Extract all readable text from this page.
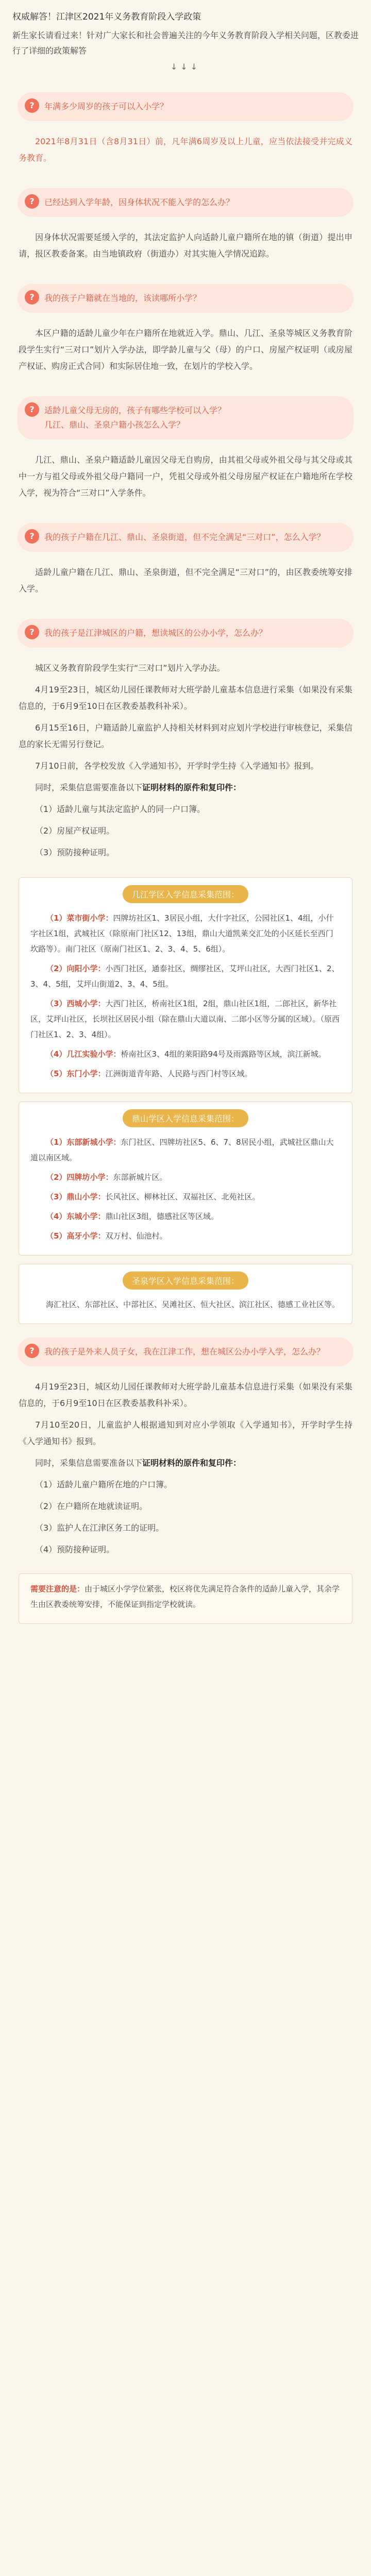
权威解答！江津区2021年义务教育阶段入学政策
新生家长请看过来！针对广大家长和社会普遍关注的今年义务教育阶段入学相关问题，区教委进行了详细的政策解答
↓↓↓
?	年满多少周岁的孩子可以入小学？

2021年8月31日（含8月31日）前，凡年满6周岁及以上儿童，应当依法接受并完成义务教育。

?	已经达到入学年龄，因身体状况不能入学的怎么办？

因身体状况需要延缓入学的，其法定监护人向适龄儿童户籍所在地的镇（街道）提出申请，报区教委备案。由当地镇政府（街道办）对其实施入学情况追踪。

?	我的孩子户籍就在当地的，该读哪所小学？

本区户籍的适龄儿童少年在户籍所在地就近入学。鼎山、几江、圣泉等城区义务教育阶段学生实行“三对口”划片入学办法，即学龄儿童与父（母）的户口、房屋产权证明（或房屋产权证、购房正式合同）和实际居住地一致，在划片的学校入学。

?	适龄儿童父母无房的，孩子有哪些学校可以入学？
几江、鼎山、圣泉户籍小孩怎么入学？

几江、鼎山、圣泉户籍适龄儿童因父母无自购房，由其祖父母或外祖父母与其父母或其中一方与祖父母或外祖父母户籍同一户，凭祖父母或外祖父母房屋产权证在户籍地所在学校入学，视为符合“三对口”入学条件。

?	我的孩子户籍在几江、鼎山、圣泉街道，但不完全满足“三对口”，怎么入学？

适龄儿童户籍在几江、鼎山、圣泉街道，但不完全满足“三对口”的，由区教委统筹安排入学。

?	我的孩子是江津城区的户籍，想读城区的公办小学，怎么办？

城区义务教育阶段学生实行“三对口”划片入学办法。

4月19至23日，城区幼儿园任课教师对大班学龄儿童基本信息进行采集（如果没有采集信息的，于6月9至10日在区教委基教科补采）。

6月15至16日，户籍适龄儿童监护人持相关材料到对应划片学校进行审核登记，采集信息的家长无需另行登记。

7月10日前，各学校发放《入学通知书》，开学时学生持《入学通知书》报到。

同时，采集信息需要准备以下证明材料的原件和复印件：

（1）适龄儿童与其法定监护人的同一户口簿。

（2）房屋产权证明。

（3）预防接种证明。

几江学区入学信息采集范围：

（1）菜市街小学：四牌坊社区1、3居民小组，大什字社区，公园社区1、4组，小什字社区1组，武城社区（除原南门社区12、13组，鼎山大道凯莱交汇处的小区延长至西门坎路等）。南门社区（原南门社区1、2、3、4、5、6组）。

（2）向阳小学：小西门社区，通泰社区，绸缪社区，艾坪山社区，大西门社区1、2、3、4、5组，艾坪山街道2、3、4、5组。

（3）西城小学：大西门社区，桥南社区1组，2组，鼎山社区1组，二郎社区，新华社区，艾坪山社区，长坝社区居民小组（除在鼎山大道以南、二郎小区等分属的区域）。（原西门社区1、2、3、4组）。

（4）几江实验小学：桥南社区3、4组的莱阳路94号及雨露路等区域，滨江新城。

（5）东门小学：江洲街道青年路、人民路与西门村等区域。

鼎山学区入学信息采集范围：

（1）东部新城小学：东门社区、四牌坊社区5、6、7、8居民小组，武城社区鼎山大道以南区域。

（2）四牌坊小学：东部新城片区。

（3）鼎山小学：长风社区、柳林社区、双福社区、北苑社区。

（4）东城小学：鼎山社区3组，德感社区等区域。

（5）高牙小学：双万村、仙池村。

圣泉学区入学信息采集范围：

海汇社区、东部社区、中部社区、吴滩社区、恒大社区、滨江社区、德感工业社区等。

?	我的孩子是外来人员子女，我在江津工作，想在城区公办小学入学，怎么办？

4月19至23日，城区幼儿园任课教师对大班学龄儿童基本信息进行采集（如果没有采集信息的，于6月9至10日在区教委基教科补采）。

7月10至20日，儿童监护人根据通知到对应小学领取《入学通知书》，开学时学生持《入学通知书》报到。

同时，采集信息需要准备以下证明材料的原件和复印件：

（1）适龄儿童户籍所在地的户口簿。

（2）在户籍所在地就读证明。

（3）监护人在江津区务工的证明。

（4）预防接种证明。

需要注意的是：由于城区小学学位紧张，校区将优先满足符合条件的适龄儿童入学，其余学生由区教委统筹安排，不能保证到指定学校就读。
